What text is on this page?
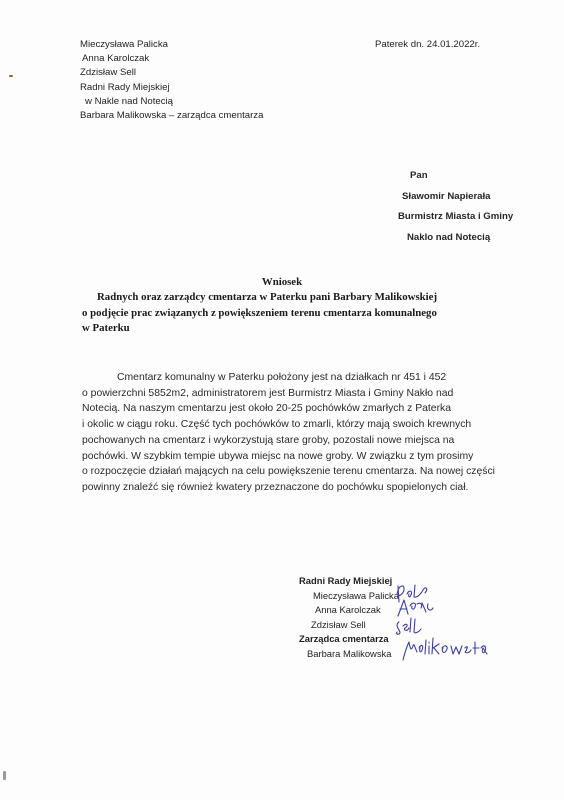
Mieczysława Palicka
Anna Karolczak
Zdzisław Sell
Radni Rady Miejskiej
w Nakle nad Notecią
Barbara Malikowska – zarządca cmentarza
Paterek dn. 24.01.2022r.
Pan
Sławomir Napierała
Burmistrz Miasta i Gminy
Naklo nad Notecią
Wniosek
Radnych oraz zarządcy cmentarza w Paterku pani Barbary Malikowskiej
o podjęcie prac związanych z powiększeniem terenu cmentarza komunalnego
w Paterku
Cmentarz komunalny w Paterku położony jest na działkach nr 451 i 452
o powierzchni 5852m2, administratorem jest Burmistrz Miasta i Gminy Nakło nad
Notecią. Na naszym cmentarzu jest około 20-25 pochówków zmarłych z Paterka
i okolic w ciągu roku. Część tych pochówków to zmarli, którzy mają swoich krewnych
pochowanych na cmentarz i wykorzystują stare groby, pozostali nowe miejsca na
pochówki. W szybkim tempie ubywa miejsc na nowe groby. W związku z tym prosimy
o rozpoczęcie działań mających na celu powiększenie terenu cmentarza. Na nowej części
powinny znaleźć się również kwatery przeznaczone do pochówku spopielonych ciał.
Radni Rady Miejskiej
Mieczysława Palicka
Anna Karolczak
Zdzisław Sell
Zarządca cmentarza
Barbara Malikowska
